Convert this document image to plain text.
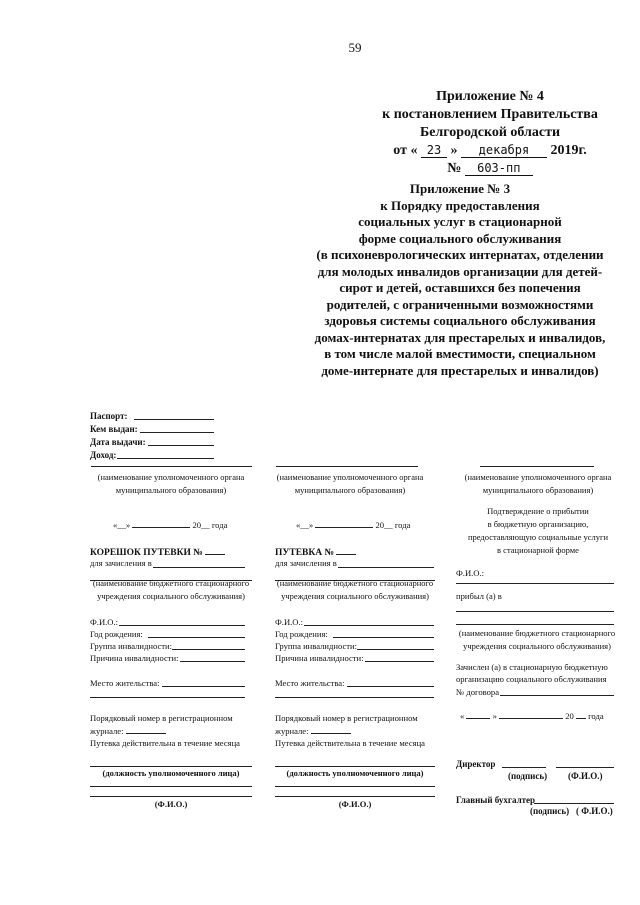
59
Приложение № 4
к постановлением Правительства
Белгородской области
от « 23 » декабря 2019г.
№ 603-пп
Приложение № 3
к Порядку предоставления
социальных услуг в стационарной
форме социального обслуживания
(в психоневрологических интернатах, отделении
для молодых инвалидов организации для детей-
сирот и детей, оставшихся без попечения
родителей, с ограниченными возможностями
здоровья системы социального обслуживания
домах-интернатах для престарелых и инвалидов,
в том числе малой вместимости, специальном
доме-интернате для престарелых и инвалидов)
Паспорт:
Кем выдан:
Дата выдачи:
Доход:
(наименование уполномоченного органа муниципального образования)
«__»	20__ года
КОРЕШОК ПУТЕВКИ №
для зачисления в
(наименование бюджетного стационарного учреждения социального обслуживания)
Ф.И.О.:
Год рождения:
Группа инвалидности:
Причина инвалидности:
Место жительства:
Порядковый номер в регистрационном
журнале:
Путевка действительна в течение месяца
(должность уполномоченного лица)
(Ф.И.О.)
(наименование уполномоченного органа муниципального образования)
«__»	20__ года
ПУТЕВКА №
для зачисления в
(наименование бюджетного стационарного учреждения социального обслуживания)
Ф.И.О.:
Год рождения:
Группа инвалидности:
Причина инвалидности:
Место жительства:
Порядковый номер в регистрационном
журнале:
Путевка действительна в течение месяца
(должность уполномоченного лица)
(Ф.И.О.)
(наименование уполномоченного органа муниципального образования)
Подтверждение о прибытии
в бюджетную организацию,
предоставляющую социальные услуги
в стационарной форме
Ф.И.О.:
прибыл (а) в
(наименование бюджетного стационарного учреждения социального обслуживания)
Зачислен (а) в стационарную бюджетную
организацию социального обслуживания
№ договора
«	»	20 года
Директор
(подпись) (Ф.И.О.)
Главный бухгалтер
(подпись) ( Ф.И.О.)
